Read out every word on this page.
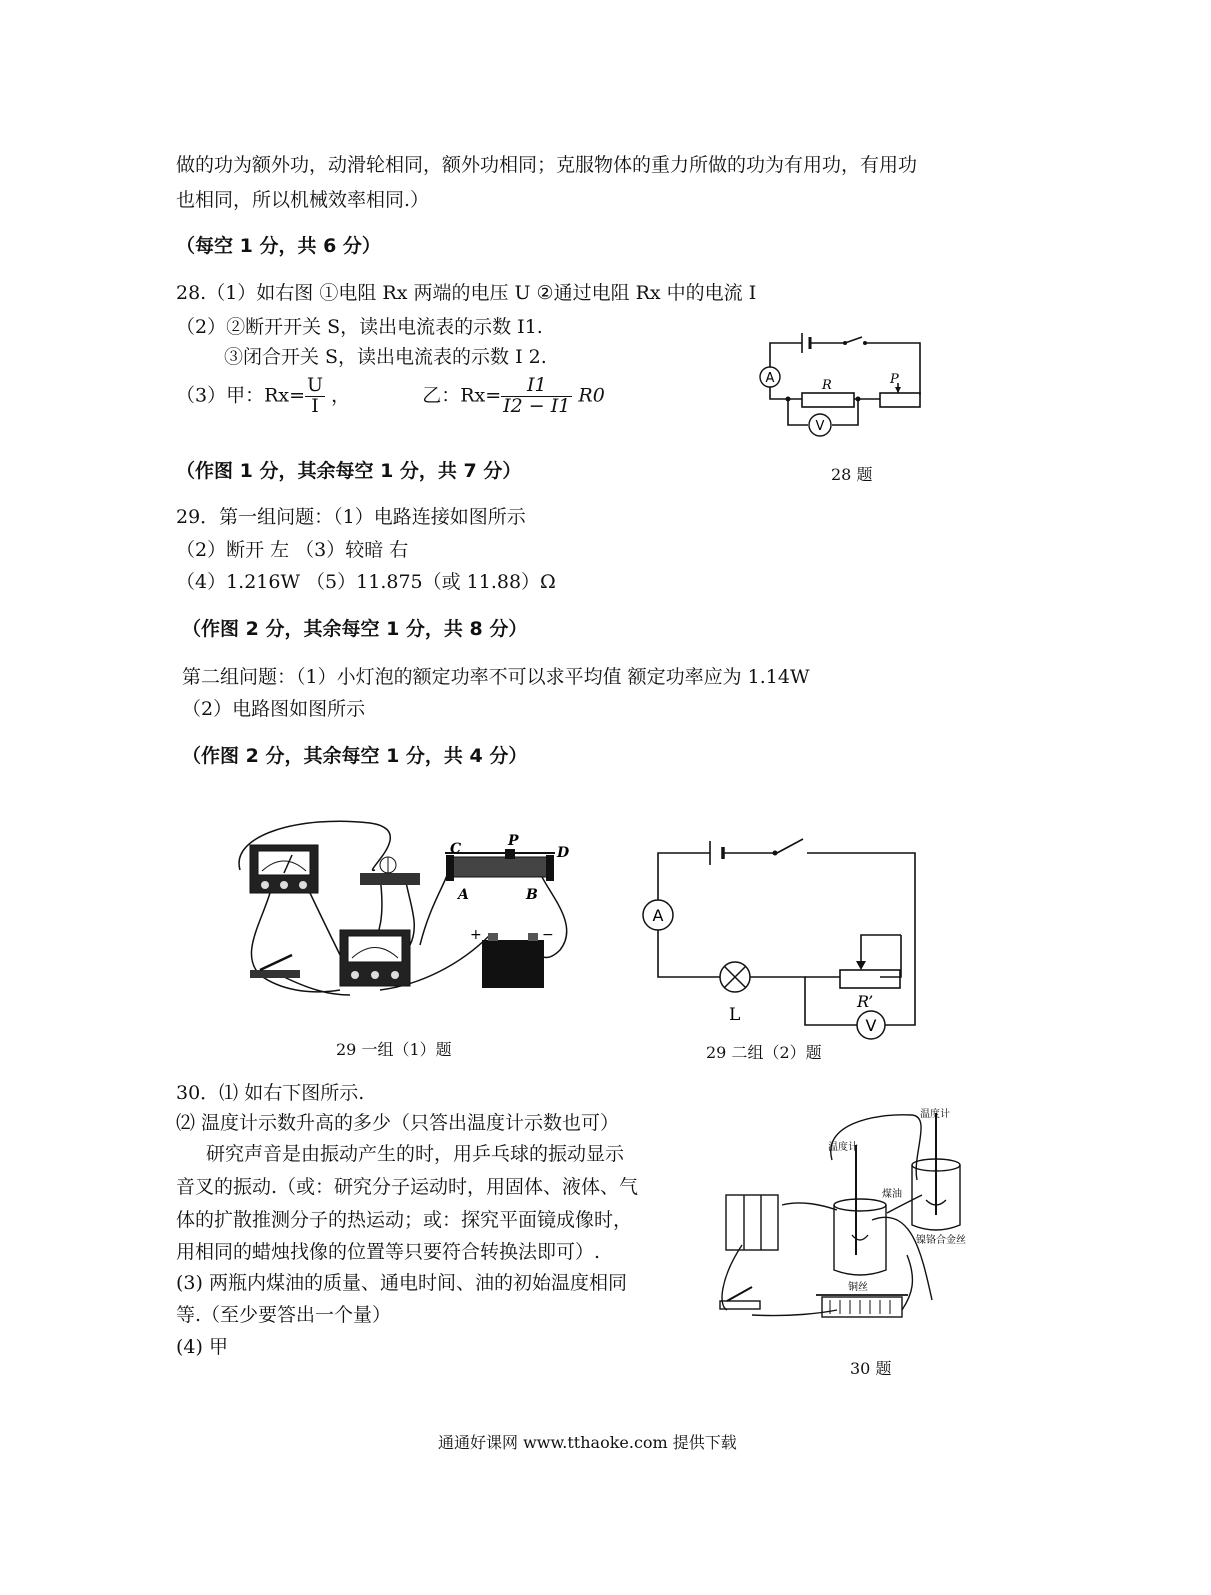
做的功为额外功，动滑轮相同，额外功相同；克服物体的重力所做的功为有用功，有用功
也相同，所以机械效率相同.）
（每空 1 分，共 6 分）
28.（1）如右图 ①电阻 Rx 两端的电压 U ②通过电阻 Rx 中的电流 I
（2）②断开开关 S，读出电流表的示数 I1.
③闭合开关 S，读出电流表的示数 I 2.
（3）甲：$Rx= \frac{U}{I}$ ，	乙：$Rx= \frac{I1}{I2 - I1} R0$
（作图 1 分，其余每空 1 分，共 7 分）
A
V
R	P
28 题
29．第一组问题：（1）电路连接如图所示
（2）断开 左 （3）较暗 右
（4）1.216W （5）11.875（或 11.88）Ω
（作图 2 分，其余每空 1 分，共 8 分）
第二组问题：（1）小灯泡的额定功率不可以求平均值 额定功率应为 1.14W
（2）电路图如图所示
（作图 2 分，其余每空 1 分，共 4 分）
C	P
D
A	B
+	−
29 一组（1）题
A
V
L
R’
29 二组（2）题
30．⑴ 如右下图所示.
⑵ 温度计示数升高的多少（只答出温度计示数也可）
研究声音是由振动产生的时，用乒乓球的振动显示
音叉的振动.（或：研究分子运动时，用固体、液体、气
体的扩散推测分子的热运动；或：探究平面镜成像时，
用相同的蜡烛找像的位置等只要符合转换法即可）.
(3) 两瓶内煤油的质量、通电时间、油的初始温度相同
等.（至少要答出一个量）
(4) 甲
温度计
温度计
煤油
铜丝
镍铬合金丝
30 题
通通好课网 www.tthaoke.com 提供下载
